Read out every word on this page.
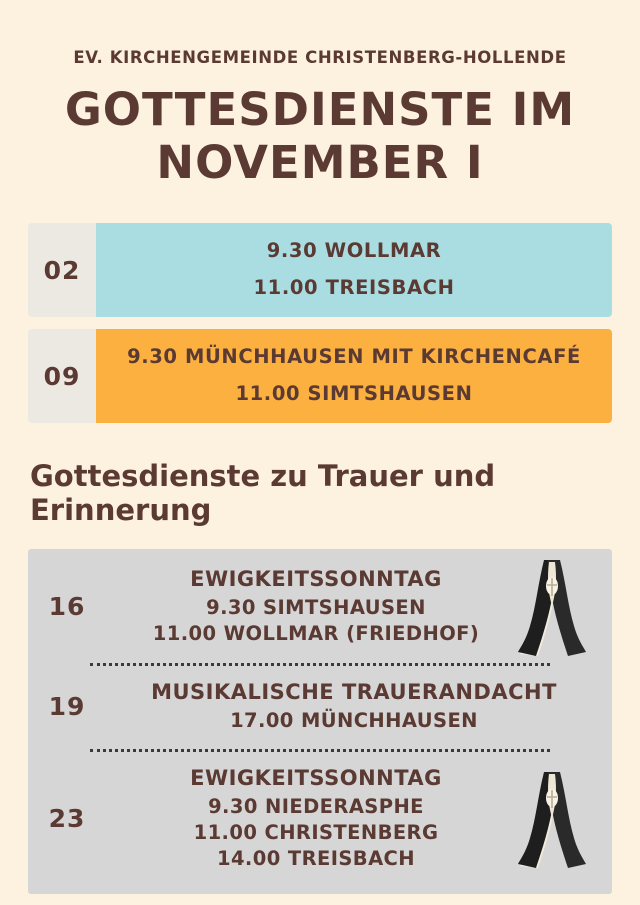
EV. KIRCHENGEMEINDE CHRISTENBERG-HOLLENDE
GOTTESDIENSTE IM
NOVEMBER I
02
9.30 WOLLMAR
11.00 TREISBACH
09
9.30 MÜNCHHAUSEN MIT KIRCHENCAFÉ
11.00 SIMTSHAUSEN
Gottesdienste zu Trauer und Erinnerung
16
EWIGKEITSSONNTAG
9.30 SIMTSHAUSEN
11.00 WOLLMAR (FRIEDHOF)
19
MUSIKALISCHE TRAUERANDACHT
17.00 MÜNCHHAUSEN
23
EWIGKEITSSONNTAG
9.30 NIEDERASPHE
11.00 CHRISTENBERG
14.00 TREISBACH
